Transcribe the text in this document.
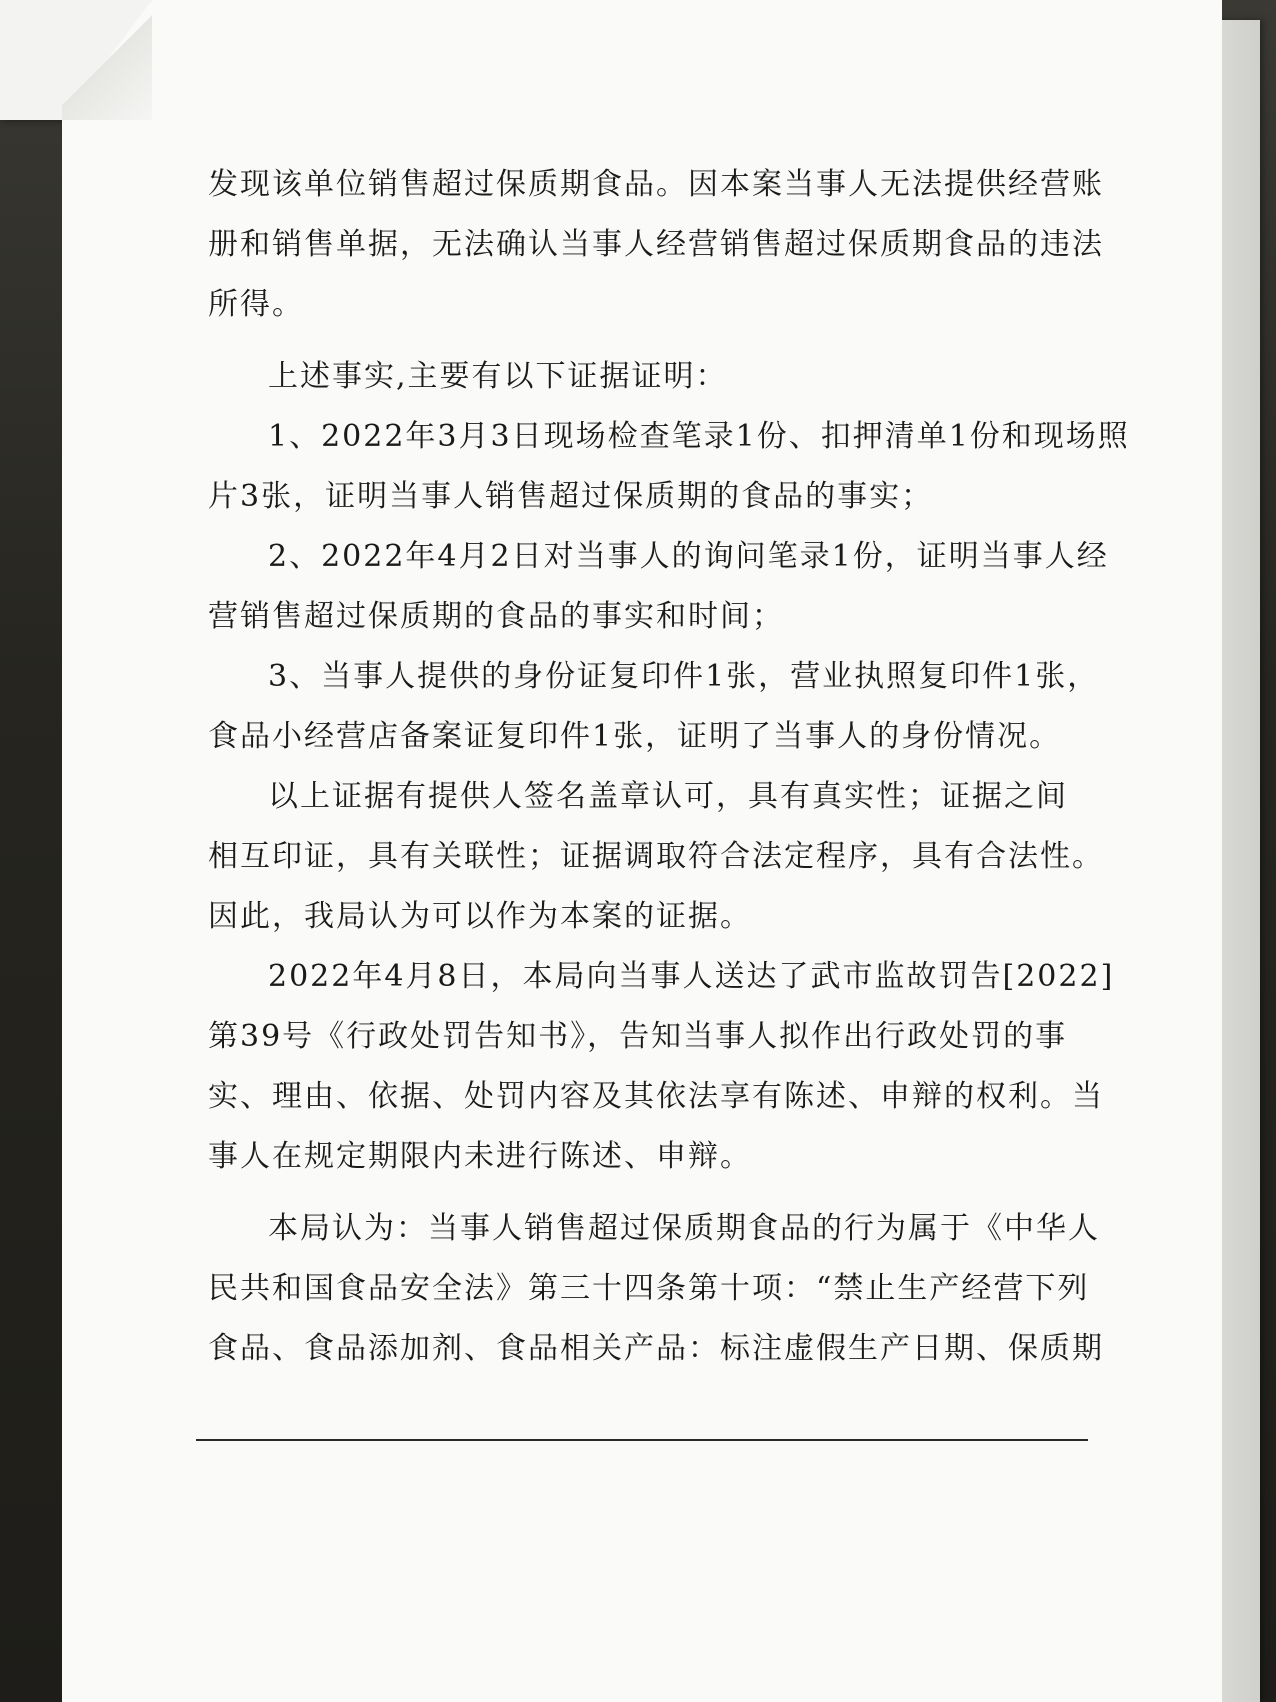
发现该单位销售超过保质期食品。因本案当事人无法提供经营账
册和销售单据，无法确认当事人经营销售超过保质期食品的违法
所得。
上述事实,主要有以下证据证明：
1、2022年3月3日现场检查笔录1份、扣押清单1份和现场照
片3张，证明当事人销售超过保质期的食品的事实；
2、2022年4月2日对当事人的询问笔录1份，证明当事人经
营销售超过保质期的食品的事实和时间；
3、当事人提供的身份证复印件1张，营业执照复印件1张，
食品小经营店备案证复印件1张，证明了当事人的身份情况。
以上证据有提供人签名盖章认可，具有真实性；证据之间
相互印证，具有关联性；证据调取符合法定程序，具有合法性。
因此，我局认为可以作为本案的证据。
2022年4月8日，本局向当事人送达了武市监故罚告[2022]
第39号《行政处罚告知书》，告知当事人拟作出行政处罚的事
实、理由、依据、处罚内容及其依法享有陈述、申辩的权利。当
事人在规定期限内未进行陈述、申辩。
本局认为：当事人销售超过保质期食品的行为属于《中华人
民共和国食品安全法》第三十四条第十项：“禁止生产经营下列
食品、食品添加剂、食品相关产品：标注虚假生产日期、保质期
